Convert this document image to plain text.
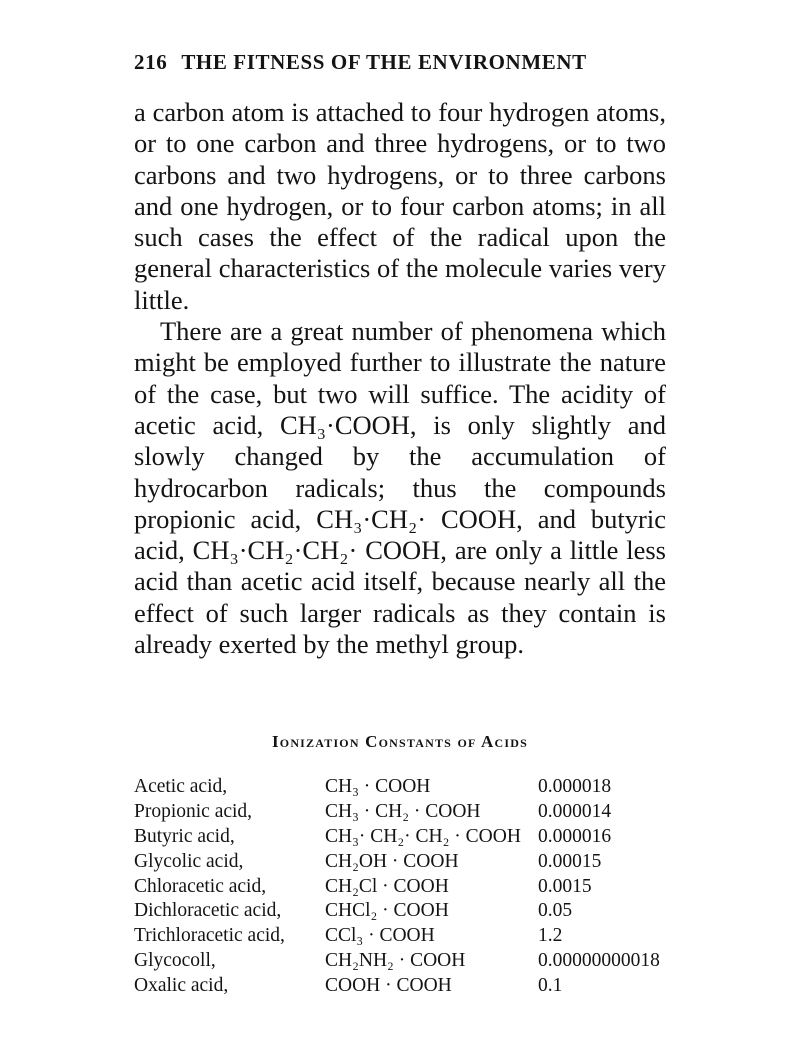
216 THE FITNESS OF THE ENVIRONMENT

a carbon atom is attached to four hydrogen atoms, or to one carbon and three hydrogens, or to two carbons and two hydrogens, or to three carbons and one hydrogen, or to four carbon atoms; in all such cases the effect of the radical upon the general characteristics of the molecule varies very little.

There are a great number of phenomena which might be employed further to illustrate the nature of the case, but two will suffice. The acidity of acetic acid, CH₃·COOH, is only slightly and slowly changed by the accumulation of hydrocarbon radicals; thus the compounds propionic acid, CH₃·CH₂· COOH, and butyric acid, CH₃·CH₂·CH₂· COOH, are only a little less acid than acetic acid itself, because nearly all the effect of such larger radicals as they contain is already exerted by the methyl group.

Ionization Constants of Acids
Acetic acid,	CH₃ · COOH	0.000018
Propionic acid,	CH₃ · CH₂ · COOH	0.000014
Butyric acid,	CH₃· CH₂· CH₂ · COOH 0.000016
Glycolic acid,	CH₂OH · COOH	0.00015
Chloracetic acid,	CH₂Cl · COOH	0.0015
Dichloracetic acid,	CHCl₂ · COOH	0.05
Trichloracetic acid,	CCl₃ · COOH	1.2
Glycocoll,	CH₂NH₂ · COOH	0.00000000018
Oxalic acid,	COOH · COOH	0.1
